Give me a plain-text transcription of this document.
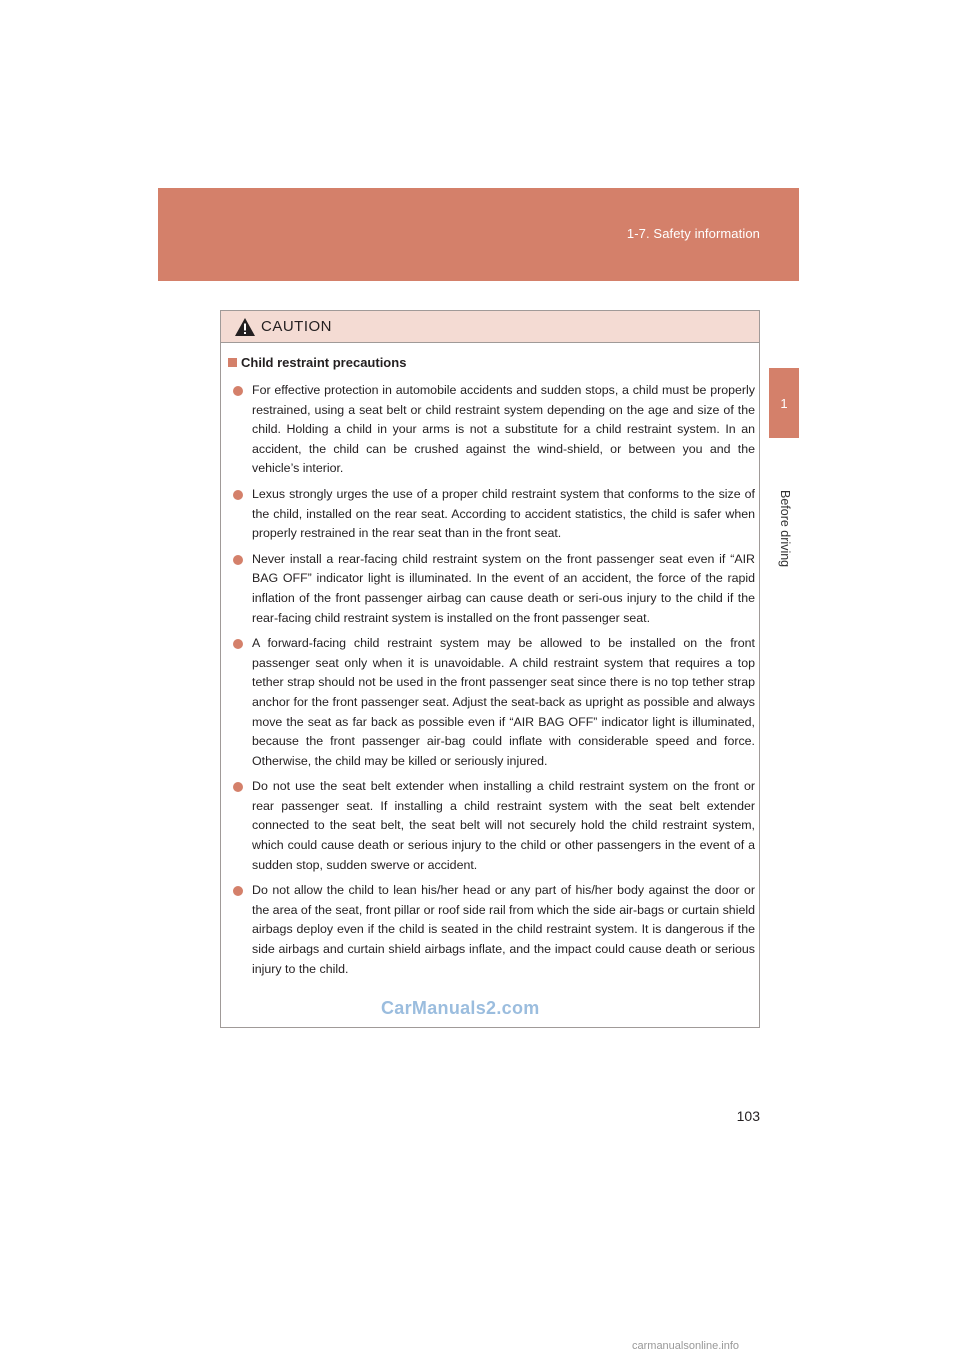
1-7. Safety information
1
Before driving
CAUTION
Child restraint precautions
For effective protection in automobile accidents and sudden stops, a child must be properly restrained, using a seat belt or child restraint system depending on the age and size of the child. Holding a child in your arms is not a substitute for a child restraint system. In an accident, the child can be crushed against the wind-shield, or between you and the vehicle’s interior.
Lexus strongly urges the use of a proper child restraint system that conforms to the size of the child, installed on the rear seat. According to accident statistics, the child is safer when properly restrained in the rear seat than in the front seat.
Never install a rear-facing child restraint system on the front passenger seat even if “AIR BAG OFF” indicator light is illuminated. In the event of an accident, the force of the rapid inflation of the front passenger airbag can cause death or seri-ous injury to the child if the rear-facing child restraint system is installed on the front passenger seat.
A forward-facing child restraint system may be allowed to be installed on the front passenger seat only when it is unavoidable. A child restraint system that requires a top tether strap should not be used in the front passenger seat since there is no top tether strap anchor for the front passenger seat. Adjust the seat-back as upright as possible and always move the seat as far back as possible even if “AIR BAG OFF” indicator light is illuminated, because the front passenger air-bag could inflate with considerable speed and force. Otherwise, the child may be killed or seriously injured.
Do not use the seat belt extender when installing a child restraint system on the front or rear passenger seat. If installing a child restraint system with the seat belt extender connected to the seat belt, the seat belt will not securely hold the child restraint system, which could cause death or serious injury to the child or other passengers in the event of a sudden stop, sudden swerve or accident.
Do not allow the child to lean his/her head or any part of his/her body against the door or the area of the seat, front pillar or roof side rail from which the side air-bags or curtain shield airbags deploy even if the child is seated in the child restraint system. It is dangerous if the side airbags and curtain shield airbags inflate, and the impact could cause death or serious injury to the child.
CarManuals2.com
103
carmanualsonline.info
